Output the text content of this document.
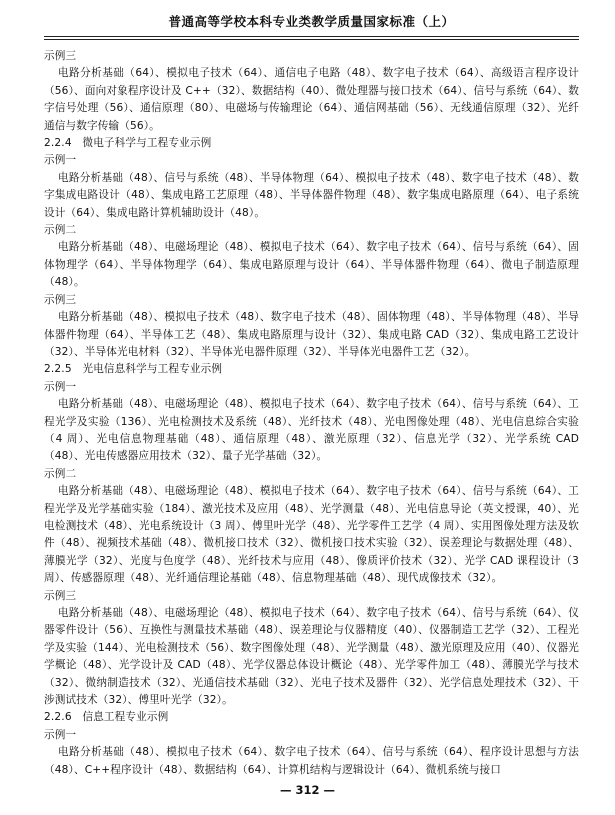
普通高等学校本科专业类教学质量国家标准（上）

示例三

电路分析基础（64）、模拟电子技术（64）、通信电子电路（48）、数字电子技术（64）、高级语言程序设计（56）、面向对象程序设计及 C++（32）、数据结构（40）、微处理器与接口技术（64）、信号与系统（64）、数字信号处理（56）、通信原理（80）、电磁场与传输理论（64）、通信网基础（56）、无线通信原理（32）、光纤通信与数字传输（56）。

2.2.4　微电子科学与工程专业示例

示例一

电路分析基础（48）、信号与系统（48）、半导体物理（64）、模拟电子技术（48）、数字电子技术（48）、数字集成电路设计（48）、集成电路工艺原理（48）、半导体器件物理（48）、数字集成电路原理（64）、电子系统设计（64）、集成电路计算机辅助设计（48）。

示例二

电路分析基础（48）、电磁场理论（48）、模拟电子技术（64）、数字电子技术（64）、信号与系统（64）、固体物理学（64）、半导体物理学（64）、集成电路原理与设计（64）、半导体器件物理（64）、微电子制造原理（48）。

示例三

电路分析基础（48）、模拟电子技术（48）、数字电子技术（48）、固体物理（48）、半导体物理（48）、半导体器件物理（64）、半导体工艺（48）、集成电路原理与设计（32）、集成电路 CAD（32）、集成电路工艺设计（32）、半导体光电材料（32）、半导体光电器件原理（32）、半导体光电器件工艺（32）。

2.2.5　光电信息科学与工程专业示例

示例一

电路分析基础（48）、电磁场理论（48）、模拟电子技术（64）、数字电子技术（64）、信号与系统（64）、工程光学及实验（136）、光电检测技术及系统（48）、光纤技术（48）、光电图像处理（48）、光电信息综合实验（4 周）、光电信息物理基础（48）、通信原理（48）、激光原理（32）、信息光学（32）、光学系统 CAD（48）、光电传感器应用技术（32）、量子光学基础（32）。

示例二

电路分析基础（48）、电磁场理论（48）、模拟电子技术（64）、数字电子技术（64）、信号与系统（64）、工程光学及光学基础实验（184）、激光技术及应用（48）、光学测量（48）、光电信息导论（英文授课，40）、光电检测技术（48）、光电系统设计（3 周）、傅里叶光学（48）、光学零件工艺学（4 周）、实用图像处理方法及软件（48）、视频技术基础（48）、微机接口技术（32）、微机接口技术实验（32）、误差理论与数据处理（48）、薄膜光学（32）、光度与色度学（48）、光纤技术与应用（48）、像质评价技术（32）、光学 CAD 课程设计（3 周）、传感器原理（48）、光纤通信理论基础（48）、信息物理基础（48）、现代成像技术（32）。

示例三

电路分析基础（48）、电磁场理论（48）、模拟电子技术（64）、数字电子技术（64）、信号与系统（64）、仪器零件设计（56）、互换性与测量技术基础（48）、误差理论与仪器精度（40）、仪器制造工艺学（32）、工程光学及实验（144）、光电检测技术（56）、数字图像处理（48）、光学测量（48）、激光原理及应用（40）、仪器光学概论（48）、光学设计及 CAD（48）、光学仪器总体设计概论（48）、光学零件加工（48）、薄膜光学与技术（32）、微纳制造技术（32）、光通信技术基础（32）、光电子技术及器件（32）、光学信息处理技术（32）、干涉测试技术（32）、傅里叶光学（32）。

2.2.6　信息工程专业示例

示例一

电路分析基础（48）、模拟电子技术（64）、数字电子技术（64）、信号与系统（64）、程序设计思想与方法（48）、C++程序设计（48）、数据结构（64）、计算机结构与逻辑设计（64）、微机系统与接口

— 312 —
